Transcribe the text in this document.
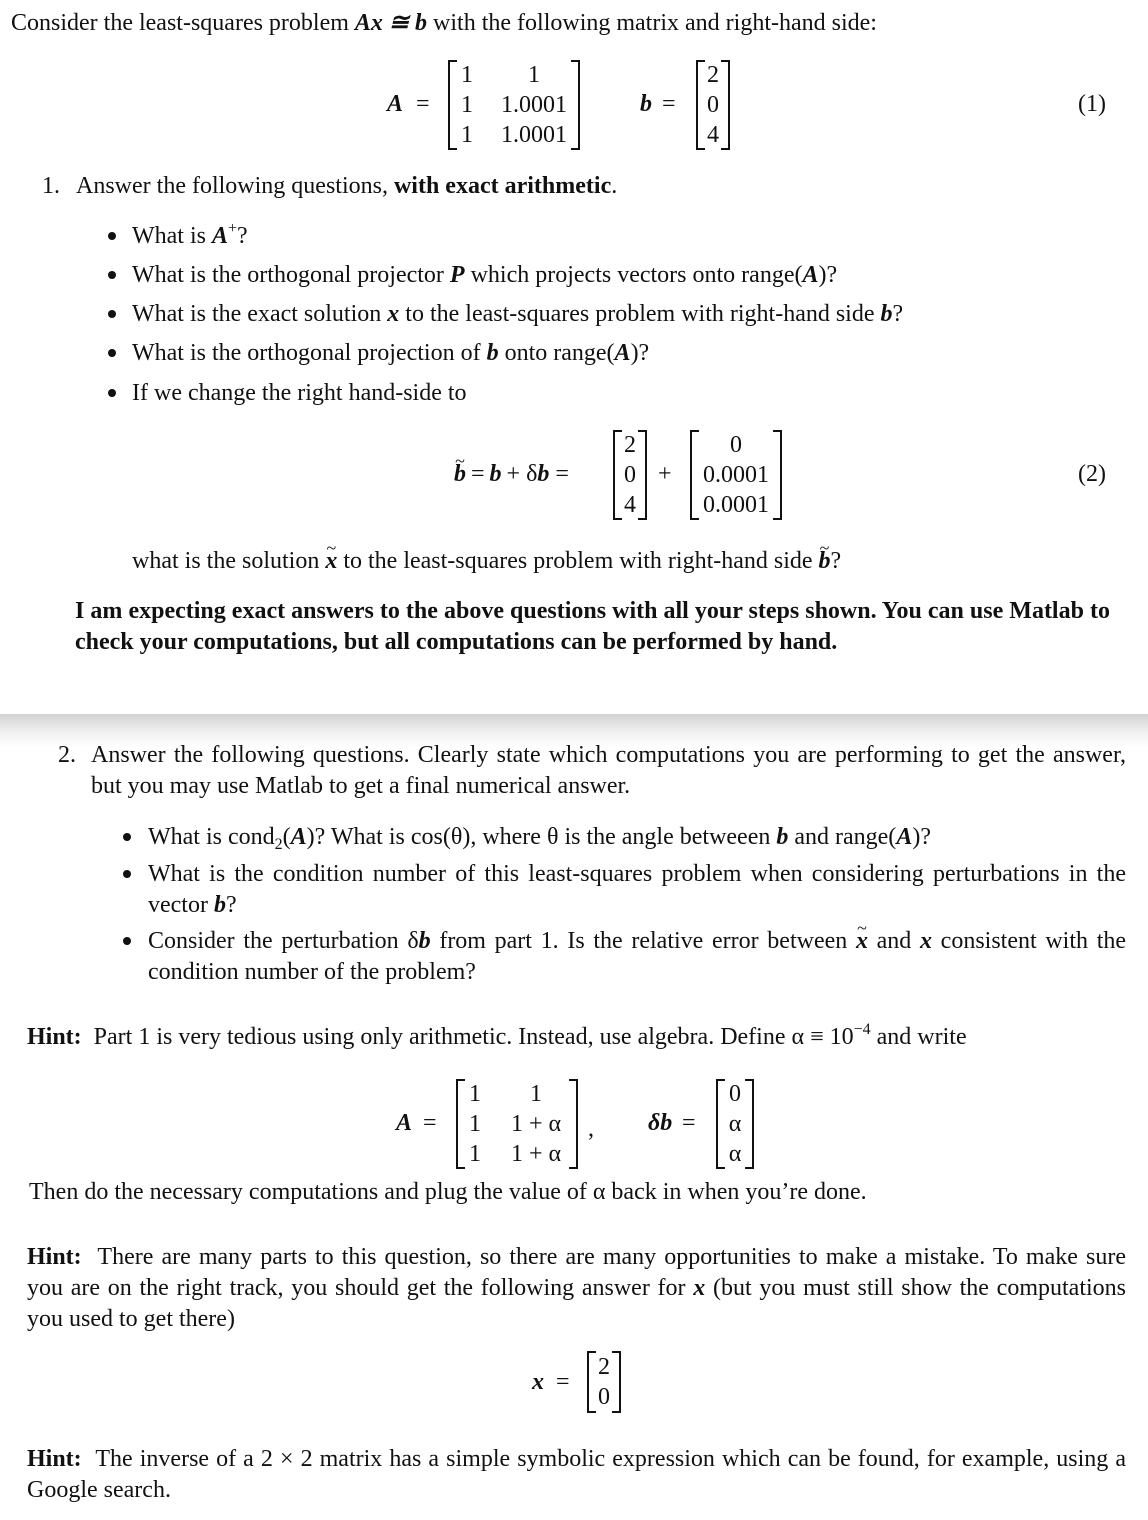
Consider the least-squares problem Ax ≅ b with the following matrix and right-hand side:
A =
1	1
1 1.0001
1 1.0001
b =
2
0
4
(1)
1. Answer the following questions, with exact arithmetic.
What is A+?
What is the orthogonal projector P which projects vectors onto range(A)?
What is the exact solution x to the least-squares problem with right-hand side b?
What is the orthogonal projection of b onto range(A)?
If we change the right hand-side to
~ b = b + δb =
2
0
4
+
0
0.0001
0.0001
(2)
what is the solution ~ x to the least-squares problem with right-hand side ~ b?
I am expecting exact answers to the above questions with all your steps shown. You can use Matlab to check your computations, but all computations can be performed by hand.
2. Answer the following questions. Clearly state which computations you are performing to get the answer, but you may use Matlab to get a final numerical answer.
What is cond$_2$(A)? What is cos(θ), where θ is the angle betweeen b and range(A)?
What is the condition number of this least-squares problem when considering perturbations in the vector b?
Consider the perturbation δb from part 1. Is the relative error between ~ x and x consistent with the condition number of the problem?
Hint: Part 1 is very tedious using only arithmetic. Instead, use algebra. Define $\alpha \equiv 10^{-4}$ and write
A =
1	1
1	1 + α
1	1 + α
, δb =
0
α
α
Then do the necessary computations and plug the value of α back in when you’re done.
Hint: There are many parts to this question, so there are many opportunities to make a mistake. To make sure you are on the right track, you should get the following answer for x (but you must still show the computations you used to get there)
x =
2
0
Hint: The inverse of a 2 × 2 matrix has a simple symbolic expression which can be found, for example, using a Google search.
